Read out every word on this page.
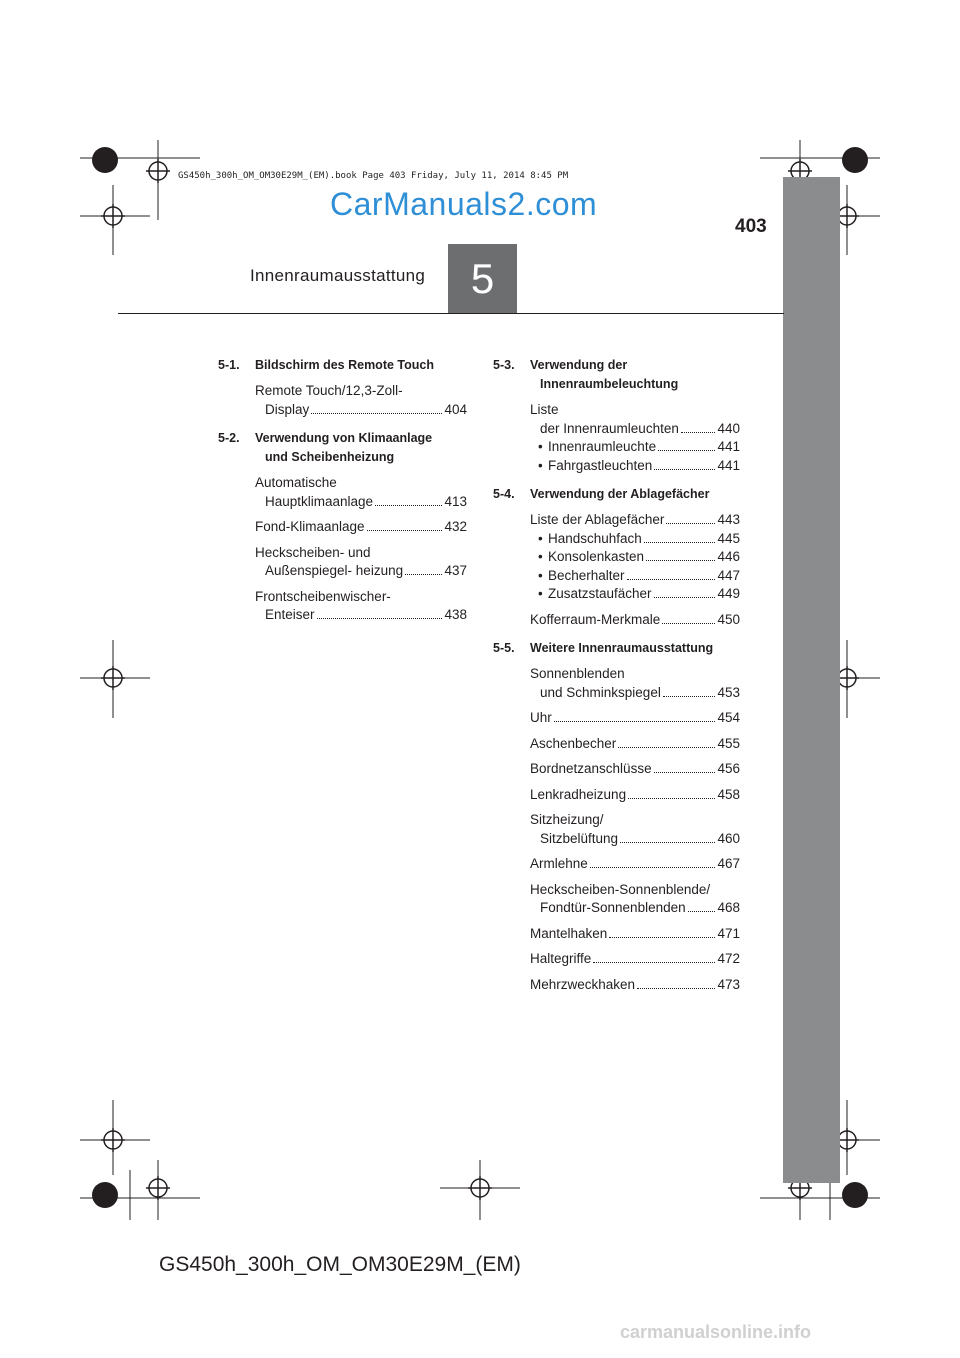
GS450h_300h_OM_OM30E29M_(EM).book Page 403 Friday, July 11, 2014 8:45 PM
CarManuals2.com
403
Innenraumausstattung 5
5-1.	Bildschirm des Remote Touch
Remote Touch/12,3-Zoll-
Display	404
5-2.	Verwendung von Klimaanlage
und Scheibenheizung
Automatische
Hauptklimaanlage	413
Fond-Klimaanlage	432
Heckscheiben- und
Außenspiegel- heizung	437
Frontscheibenwischer-
Enteiser	438
5-3.	Verwendung der
Innenraumbeleuchtung
Liste
der Innenraumleuchten	440
• Innenraumleuchte	441
• Fahrgastleuchten	441
5-4.	Verwendung der Ablagefächer
Liste der Ablagefächer	443
• Handschuhfach	445
• Konsolenkasten	446
• Becherhalter	447
• Zusatzstaufächer	449
Kofferraum-Merkmale	450
5-5.	Weitere Innenraumausstattung
Sonnenblenden
und Schminkspiegel	453
Uhr	454
Aschenbecher	455
Bordnetzanschlüsse	456
Lenkradheizung	458
Sitzheizung/
Sitzbelüftung	460
Armlehne	467
Heckscheiben-Sonnenblende/
Fondtür-Sonnenblenden 468
Mantelhaken	471
Haltegriffe	472
Mehrzweckhaken	473
GS450h_300h_OM_OM30E29M_(EM)
carmanualsonline.info
